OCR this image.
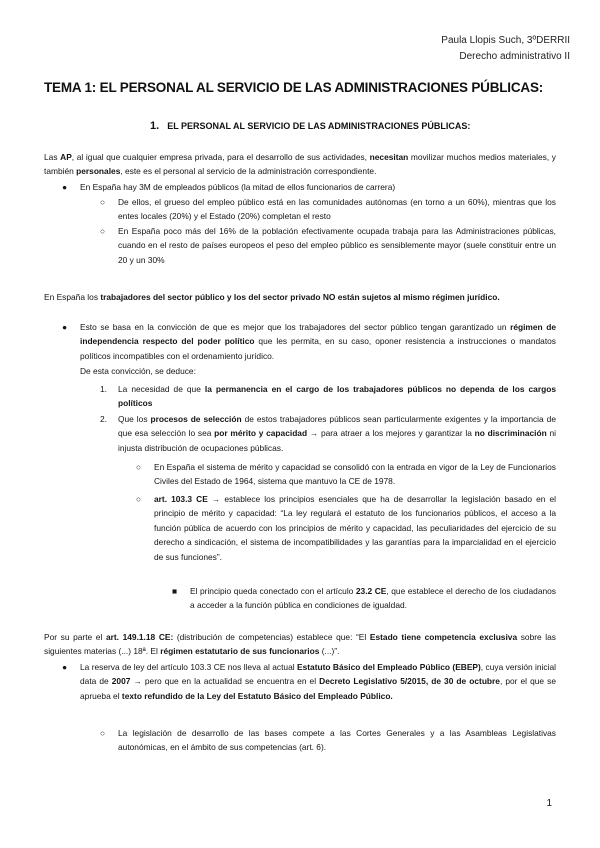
Paula Llopis Such, 3ºDERRII
Derecho administrativo II
TEMA 1: EL PERSONAL AL SERVICIO DE LAS ADMINISTRACIONES PÚBLICAS:
1. EL PERSONAL AL SERVICIO DE LAS ADMINISTRACIONES PÚBLICAS:
Las AP, al igual que cualquier empresa privada, para el desarrollo de sus actividades, necesitan movilizar muchos medios materiales, y también personales, este es el personal al servicio de la administración correspondiente.
● En España hay 3M de empleados públicos (la mitad de ellos funcionarios de carrera)
○ De ellos, el grueso del empleo público está en las comunidades autónomas (en torno a un 60%), mientras que los entes locales (20%) y el Estado (20%) completan el resto
○ En España poco más del 16% de la población efectivamente ocupada trabaja para las Administraciones públicas, cuando en el resto de países europeos el peso del empleo público es sensiblemente mayor (suele constituir entre un 20 y un 30%
En España los trabajadores del sector público y los del sector privado NO están sujetos al mismo régimen jurídico.
● Esto se basa en la convicción de que es mejor que los trabajadores del sector público tengan garantizado un régimen de independencia respecto del poder político que les permita, en su caso, oponer resistencia a instrucciones o mandatos políticos incompatibles con el ordenamiento jurídico.
De esta convicción, se deduce:
1. La necesidad de que la permanencia en el cargo de los trabajadores públicos no dependa de los cargos políticos
2. Que los procesos de selección de estos trabajadores públicos sean particularmente exigentes y la importancia de que esa selección lo sea por mérito y capacidad → para atraer a los mejores y garantizar la no discriminación ni injusta distribución de ocupaciones públicas.
○ En España el sistema de mérito y capacidad se consolidó con la entrada en vigor de la Ley de Funcionarios Civiles del Estado de 1964, sistema que mantuvo la CE de 1978.
○ art. 103.3 CE → establece los principios esenciales que ha de desarrollar la legislación basado en el principio de mérito y capacidad: “La ley regulará el estatuto de los funcionarios públicos, el acceso a la función pública de acuerdo con los principios de mérito y capacidad, las peculiaridades del ejercicio de su derecho a sindicación, el sistema de incompatibilidades y las garantías para la imparcialidad en el ejercicio de sus funciones”.
■ El principio queda conectado con el artículo 23.2 CE, que establece el derecho de los ciudadanos a acceder a la función pública en condiciones de igualdad.
Por su parte el art. 149.1.18 CE: (distribución de competencias) establece que: “El Estado tiene competencia exclusiva sobre las siguientes materias (...) 18ª. El régimen estatutario de sus funcionarios (...)”.
● La reserva de ley del artículo 103.3 CE nos lleva al actual Estatuto Básico del Empleado Público (EBEP), cuya versión inicial data de 2007 → pero que en la actualidad se encuentra en el Decreto Legislativo 5/2015, de 30 de octubre, por el que se aprueba el texto refundido de la Ley del Estatuto Básico del Empleado Público.
○ La legislación de desarrollo de las bases compete a las Cortes Generales y a las Asambleas Legislativas autonómicas, en el ámbito de sus competencias (art. 6).
1
